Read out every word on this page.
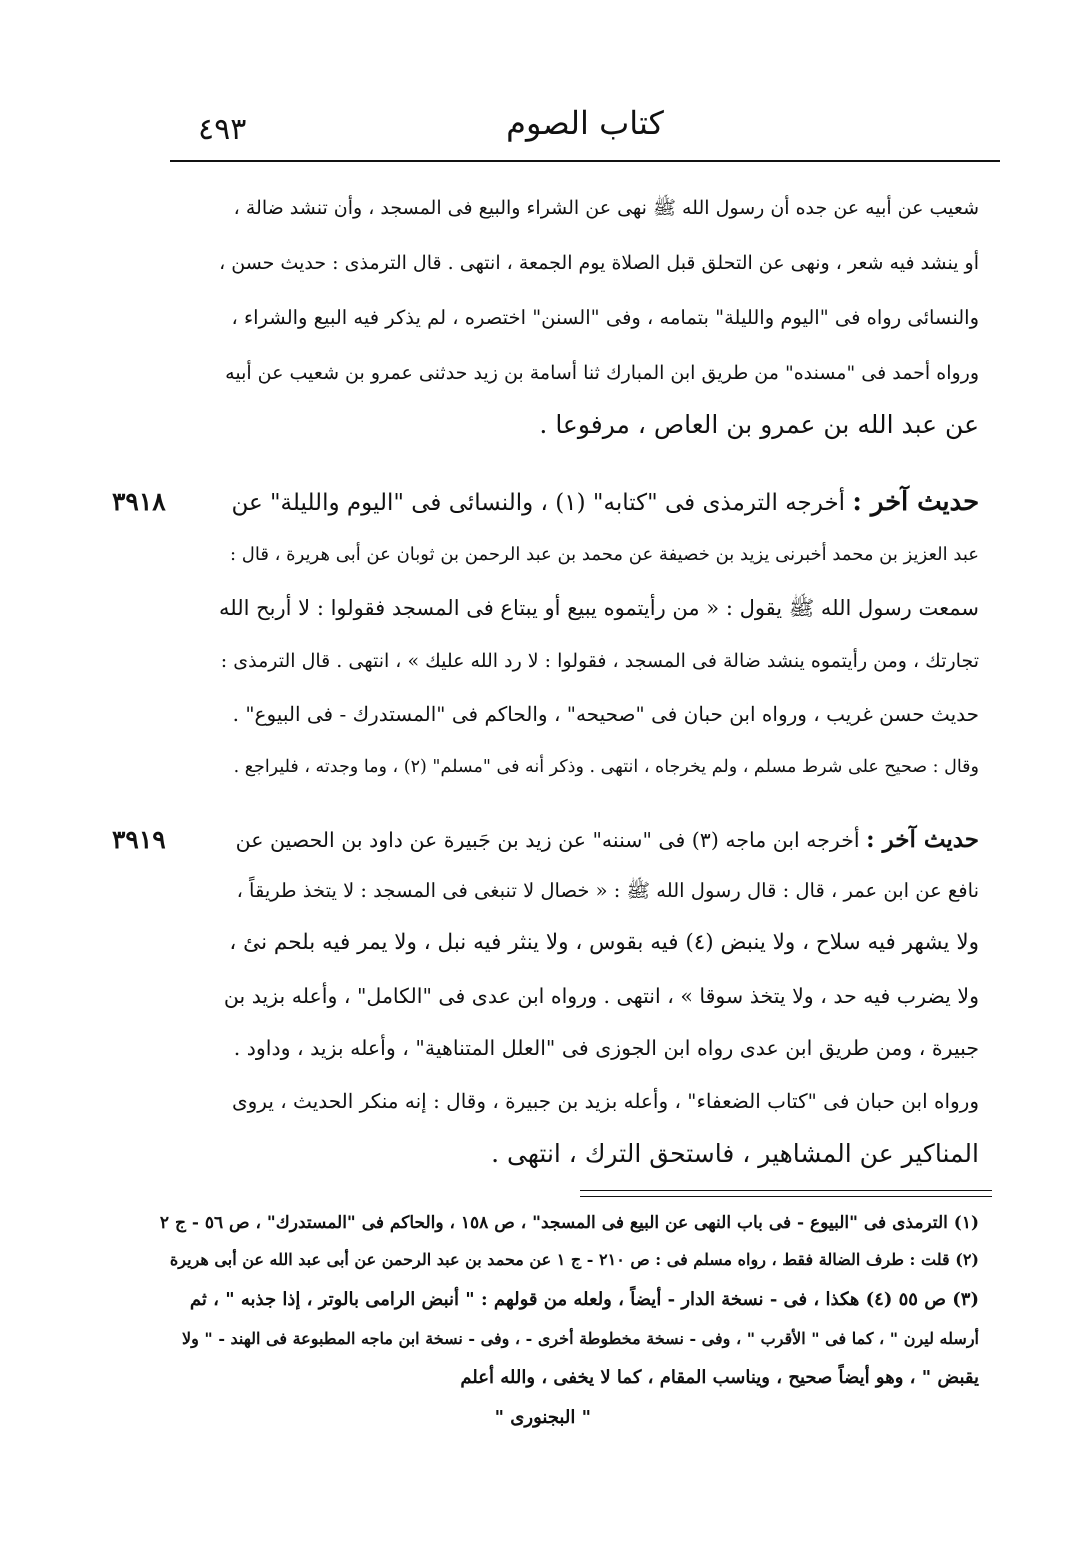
٤٩٣	كتاب الصوم
شعيب عن أبيه عن جده أن رسول الله ﷺ نهى عن الشراء والبيع فى المسجد ، وأن تنشد ضالة ،
أو ينشد فيه شعر ، ونهى عن التحلق قبل الصلاة يوم الجمعة ، انتهى . قال الترمذى : حديث حسن ،
والنسائى رواه فى "اليوم والليلة" بتمامه ، وفى "السنن" اختصره ، لم يذكر فيه البيع والشراء ،
ورواه أحمد فى "مسنده" من طريق ابن المبارك ثنا أسامة بن زيد حدثنى عمرو بن شعيب عن أبيه
عن عبد الله بن عمرو بن العاص ، مرفوعا .
٣٩١٨	حديث آخر : أخرجه الترمذى فى "كتابه" (١) ، والنسائى فى "اليوم والليلة" عن
عبد العزيز بن محمد أخبرنى يزيد بن خصيفة عن محمد بن عبد الرحمن بن ثوبان عن أبى هريرة ، قال :
سمعت رسول الله ﷺ يقول : « من رأيتموه يبيع أو يبتاع فى المسجد فقولوا : لا أربح الله
تجارتك ، ومن رأيتموه ينشد ضالة فى المسجد ، فقولوا : لا رد الله عليك » ، انتهى . قال الترمذى :
حديث حسن غريب ، ورواه ابن حبان فى "صحيحه" ، والحاكم فى "المستدرك - فى البيوع" .
وقال : صحيح على شرط مسلم ، ولم يخرجاه ، انتهى . وذكر أنه فى "مسلم" (٢) ، وما وجدته ، فليراجع .
٣٩١٩	حديث آخر : أخرجه ابن ماجه (٣) فى "سننه" عن زيد بن جَبيرة عن داود بن الحصين عن
نافع عن ابن عمر ، قال : قال رسول الله ﷺ : « خصال لا تنبغى فى المسجد : لا يتخذ طريقاً ،
ولا يشهر فيه سلاح ، ولا ينبض (٤) فيه بقوس ، ولا ينثر فيه نبل ، ولا يمر فيه بلحم نئ ،
ولا يضرب فيه حد ، ولا يتخذ سوقا » ، انتهى . ورواه ابن عدى فى "الكامل" ، وأعله بزيد بن
جبيرة ، ومن طريق ابن عدى رواه ابن الجوزى فى "العلل المتناهية" ، وأعله بزيد ، وداود .
ورواه ابن حبان فى "كتاب الضعفاء" ، وأعله بزيد بن جبيرة ، وقال : إنه منكر الحديث ، يروى
المناكير عن المشاهير ، فاستحق الترك ، انتهى .
(١) الترمذى فى "البيوع - فى باب النهى عن البيع فى المسجد" ، ص ١٥٨ ، والحاكم فى "المستدرك" ، ص ٥٦ - ج ٢
(٢) قلت : طرف الضالة فقط ، رواه مسلم فى : ص ٢١٠ - ج ١ عن محمد بن عبد الرحمن عن أبى عبد الله عن أبى هريرة
(٣) ص ٥٥ (٤) هكذا ، فى - نسخة الدار - أيضاً ، ولعله من قولهم : " أنبض الرامى بالوتر ، إذا جذبه " ، ثم
أرسله ليرن " ، كما فى " الأقرب " ، وفى - نسخة مخطوطة أخرى - ، وفى - نسخة ابن ماجه المطبوعة فى الهند - " ولا
يقبض " ، وهو أيضاً صحيح ، ويناسب المقام ، كما لا يخفى ، والله أعلم
" البجنورى "
